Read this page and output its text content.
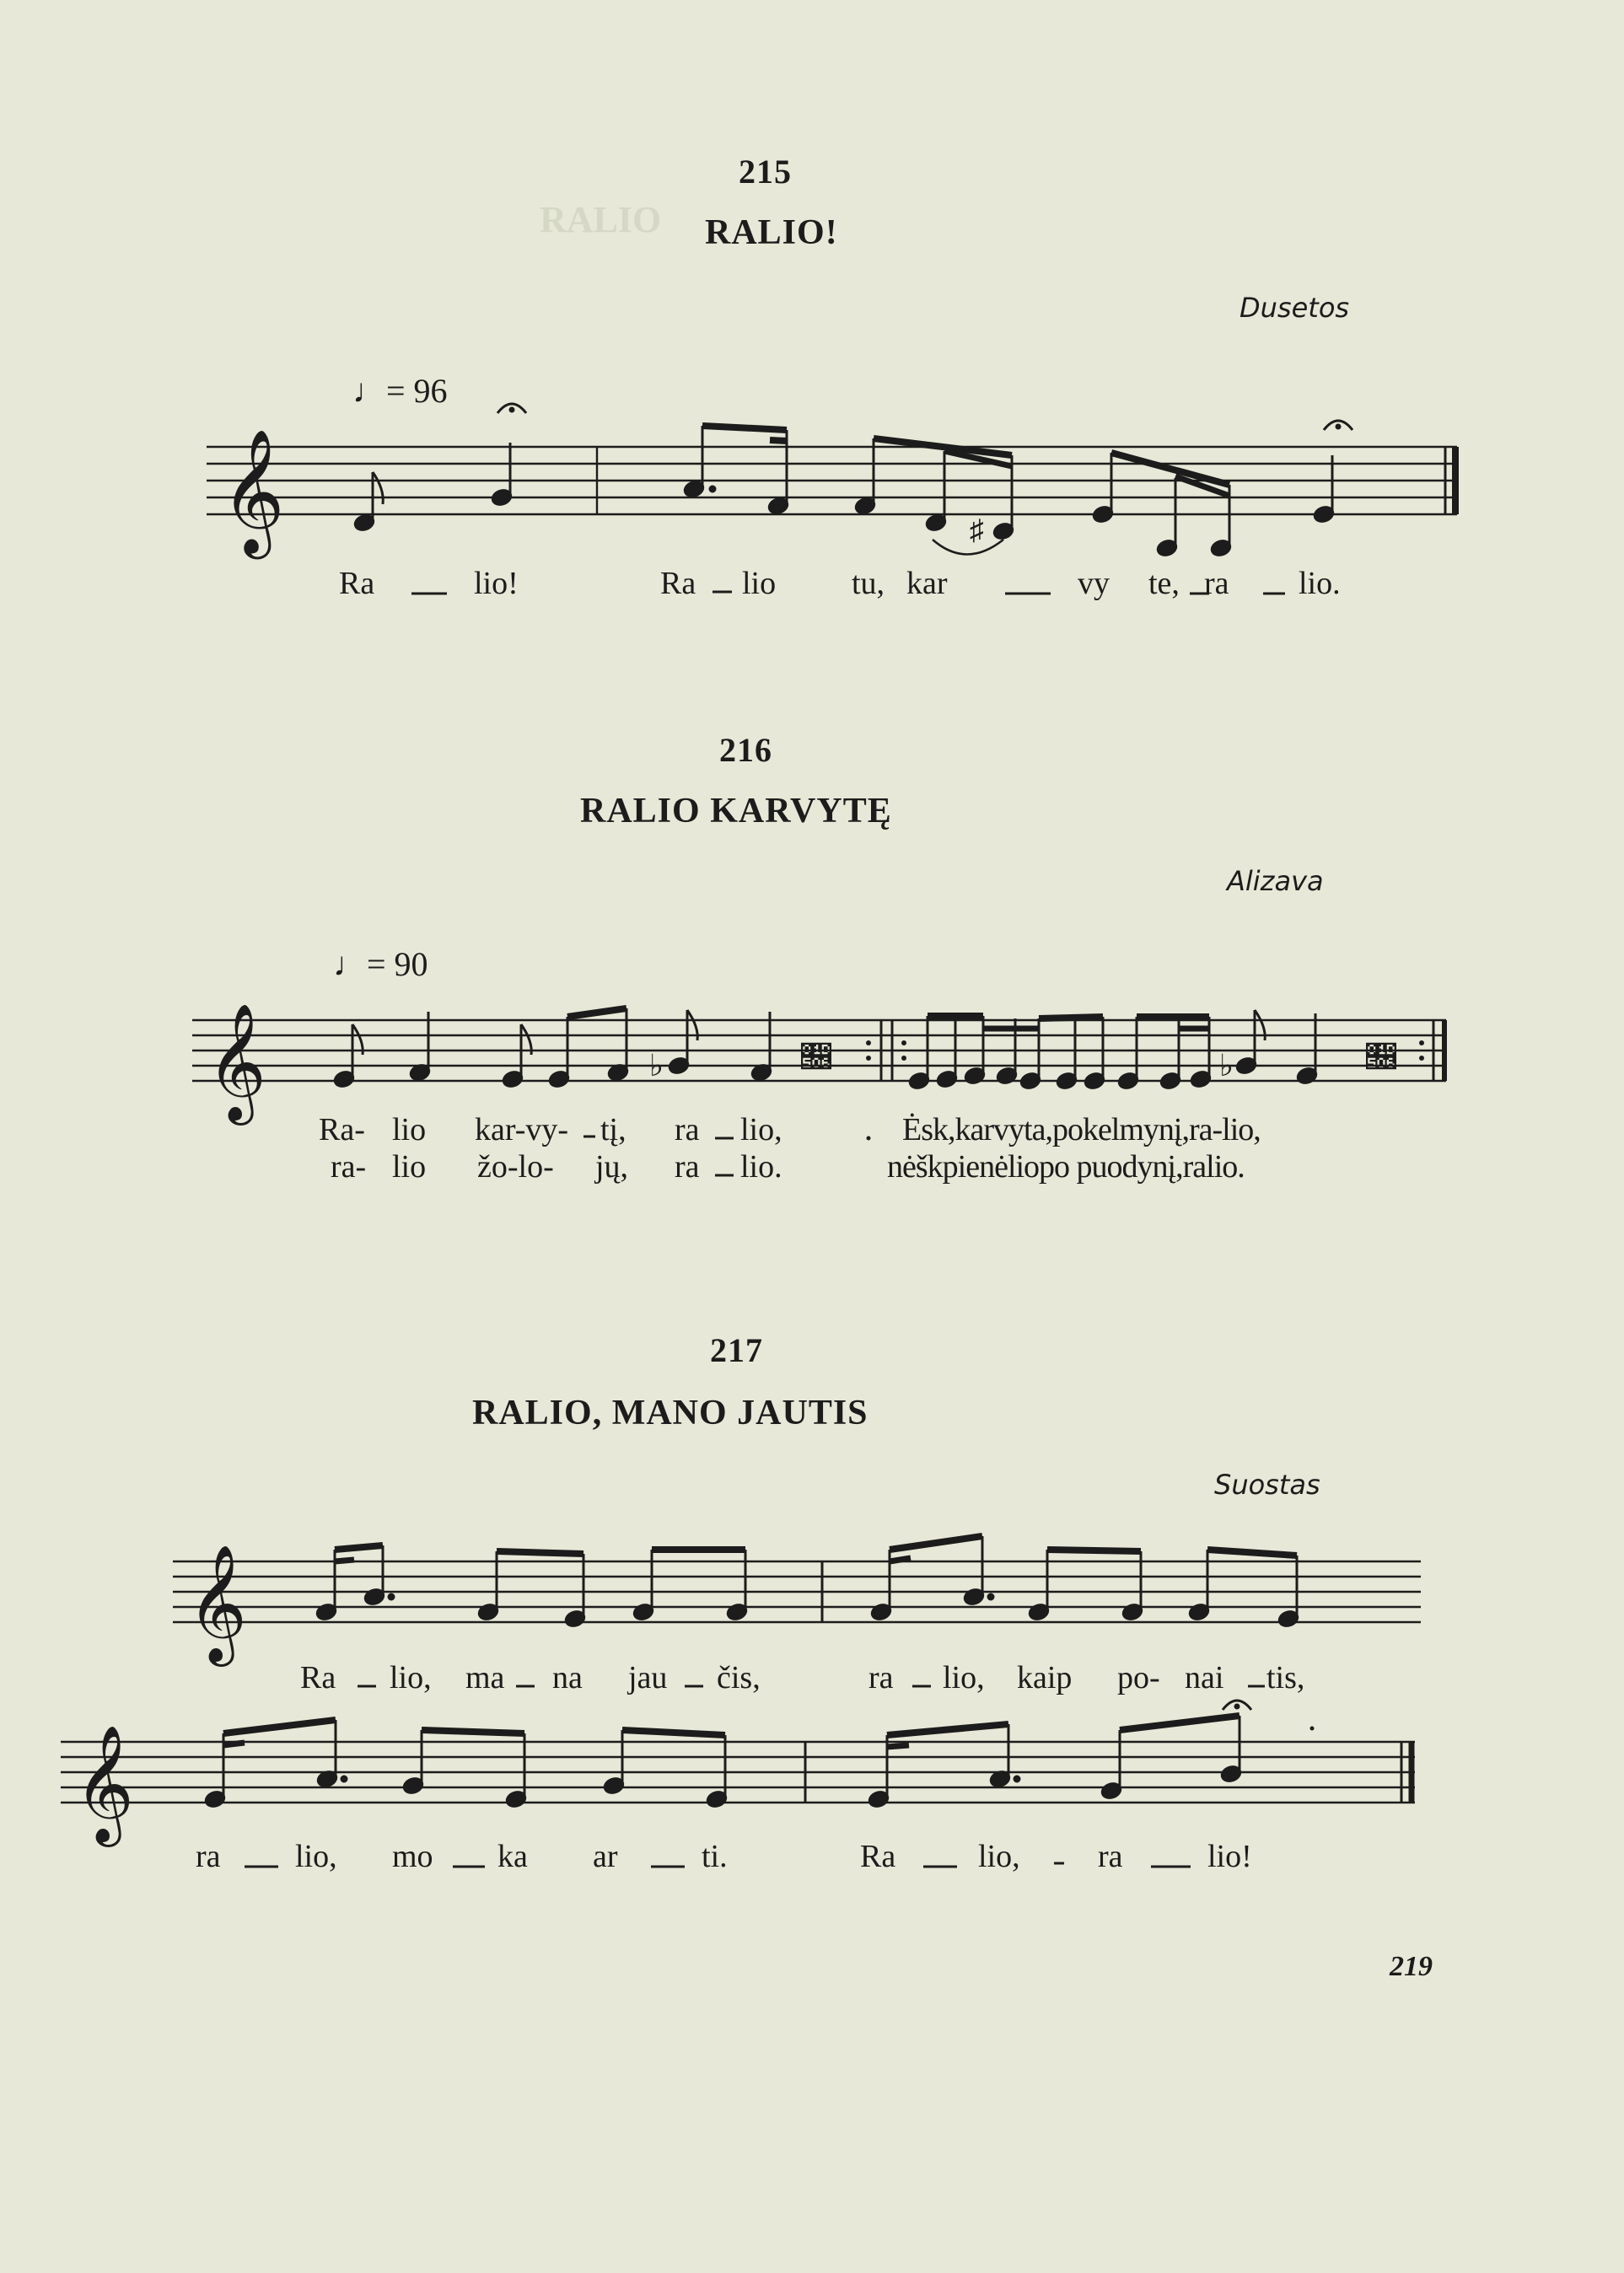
RALIO
215
RALIO!
Dusetos
♩= 96
𝄞	♯
Ra	lio!	Ra lio tu, kar	vy te, ra lio.
216
RALIO KARVYTĘ
Alizava
♩= 90
𝄞	♭	𝔆	♭	𝔆
Ra- lio kar-vy- tį, ra lio,	Ėsk,karvyta,pokelmynį,ra-lio,
ra- lio žo-lo- jų, ra lio.	nėškpienėliopo puodynį,ralio.
217
RALIO, MANO JAUTIS
Suostas
𝄞
Ra lio, ma na jau čis,	ra lio, kaip po- nai tis,
𝄞
ra lio, mo ka ar	ti.	Ra	lio, ra	lio!
219
